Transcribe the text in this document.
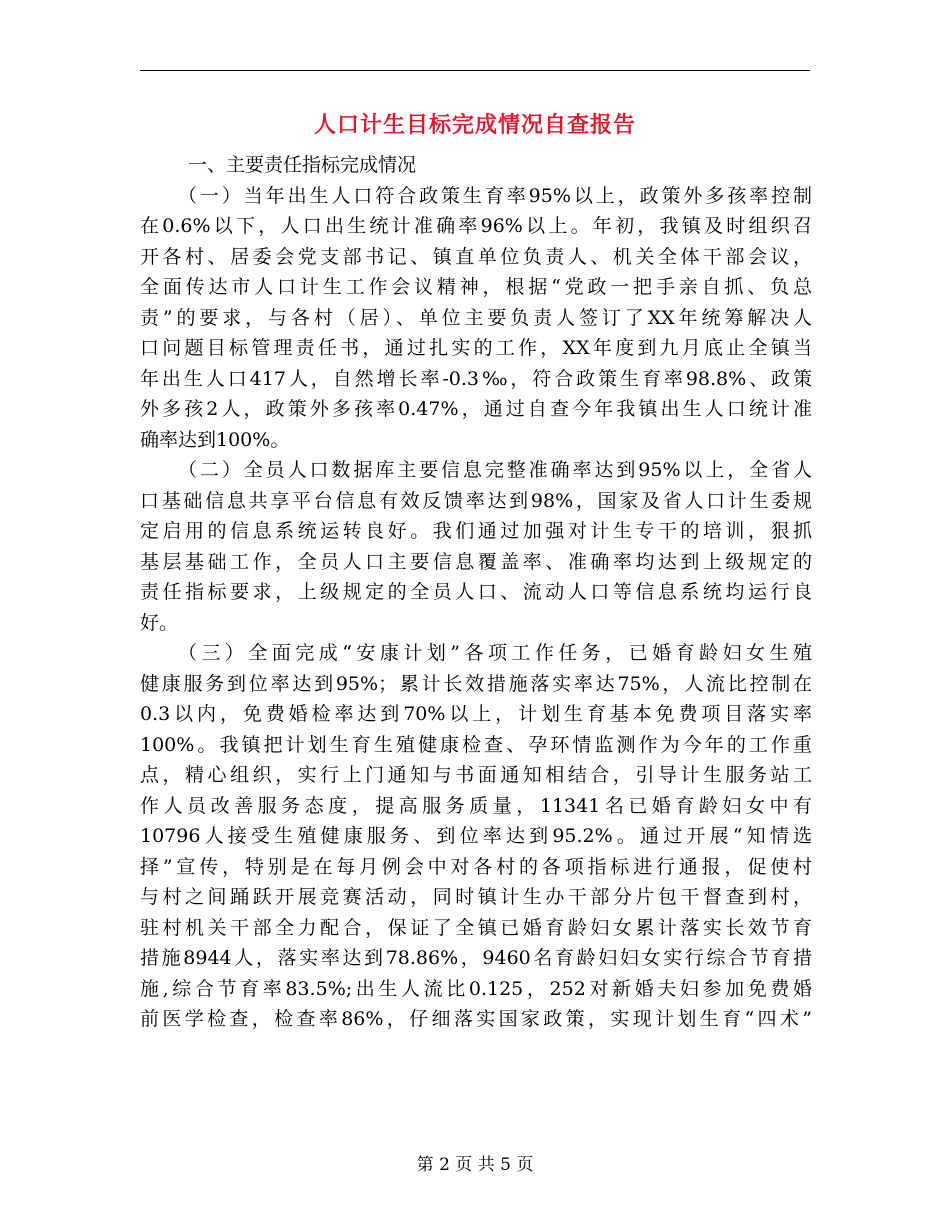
人口计生目标完成情况自查报告
一、主要责任指标完成情况
（一）当年出生人口符合政策生育率95%以上，政策外多孩率控制
在0.6%以下，人口出生统计准确率96%以上。年初，我镇及时组织召
开各村、居委会党支部书记、镇直单位负责人、机关全体干部会议，
全面传达市人口计生工作会议精神，根据“党政一把手亲自抓、负总
责”的要求，与各村（居）、单位主要负责人签订了XX年统筹解决人
口问题目标管理责任书，通过扎实的工作，XX年度到九月底止全镇当
年出生人口417人，自然增长率-0.3‰，符合政策生育率98.8%、政策
外多孩2人，政策外多孩率0.47%，通过自查今年我镇出生人口统计准
确率达到100%。
（二）全员人口数据库主要信息完整准确率达到95%以上，全省人
口基础信息共享平台信息有效反馈率达到98%，国家及省人口计生委规
定启用的信息系统运转良好。我们通过加强对计生专干的培训，狠抓
基层基础工作，全员人口主要信息覆盖率、准确率均达到上级规定的
责任指标要求，上级规定的全员人口、流动人口等信息系统均运行良
好。
（三）全面完成“安康计划”各项工作任务，已婚育龄妇女生殖
健康服务到位率达到95%；累计长效措施落实率达75%，人流比控制在
0.3以内，免费婚检率达到70%以上，计划生育基本免费项目落实率
100%。我镇把计划生育生殖健康检查、孕环情监测作为今年的工作重
点，精心组织，实行上门通知与书面通知相结合，引导计生服务站工
作人员改善服务态度，提高服务质量，11341名已婚育龄妇女中有
10796人接受生殖健康服务、到位率达到95.2%。通过开展“知情选
择”宣传，特别是在每月例会中对各村的各项指标进行通报，促使村
与村之间踊跃开展竞赛活动，同时镇计生办干部分片包干督查到村，
驻村机关干部全力配合，保证了全镇已婚育龄妇女累计落实长效节育
措施8944人，落实率达到78.86%，9460名育龄妇妇女实行综合节育措
施,综合节育率83.5%;出生人流比0.125，252对新婚夫妇参加免费婚
前医学检查，检查率86%，仔细落实国家政策，实现计划生育“四术”
第 2 页 共 5 页
